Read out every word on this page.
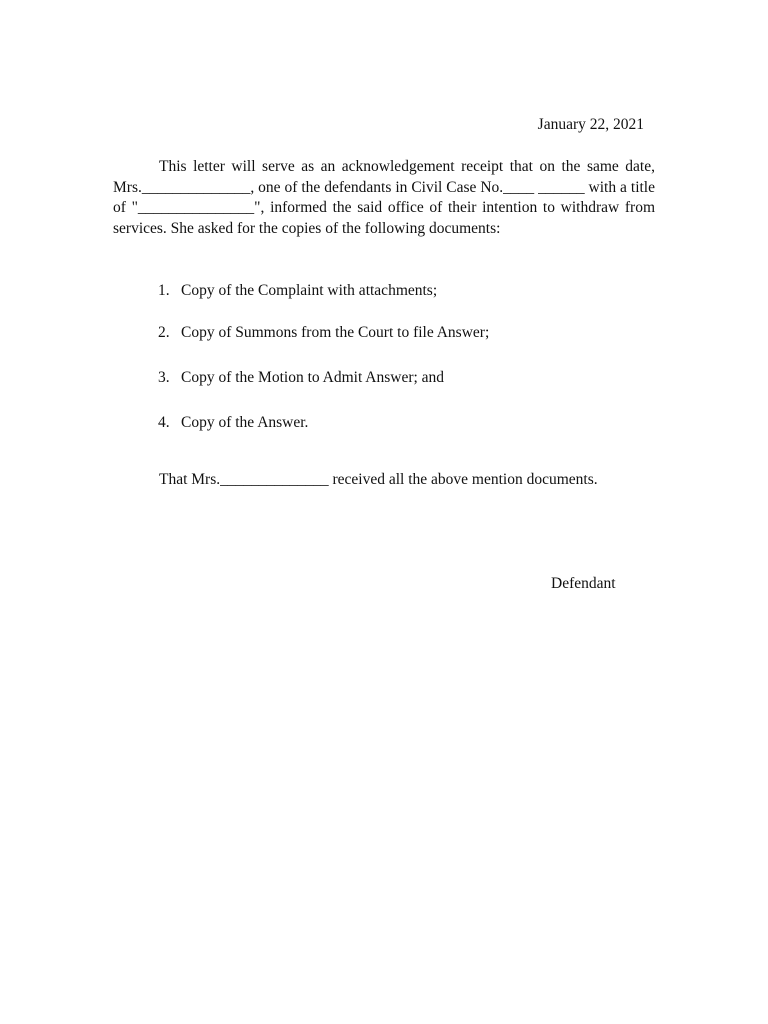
January 22, 2021

This letter will serve as an acknowledgement receipt that on the same date, Mrs.______________, one of the defendants in Civil Case No.____ ______ with a title of "_______________", informed the said office of their intention to withdraw from services. She asked for the copies of the following documents:

1. Copy of the Complaint with attachments;
2. Copy of Summons from the Court to file Answer;
3. Copy of the Motion to Admit Answer; and
4. Copy of the Answer.
That Mrs.______________ received all the above mention documents.
Defendant
